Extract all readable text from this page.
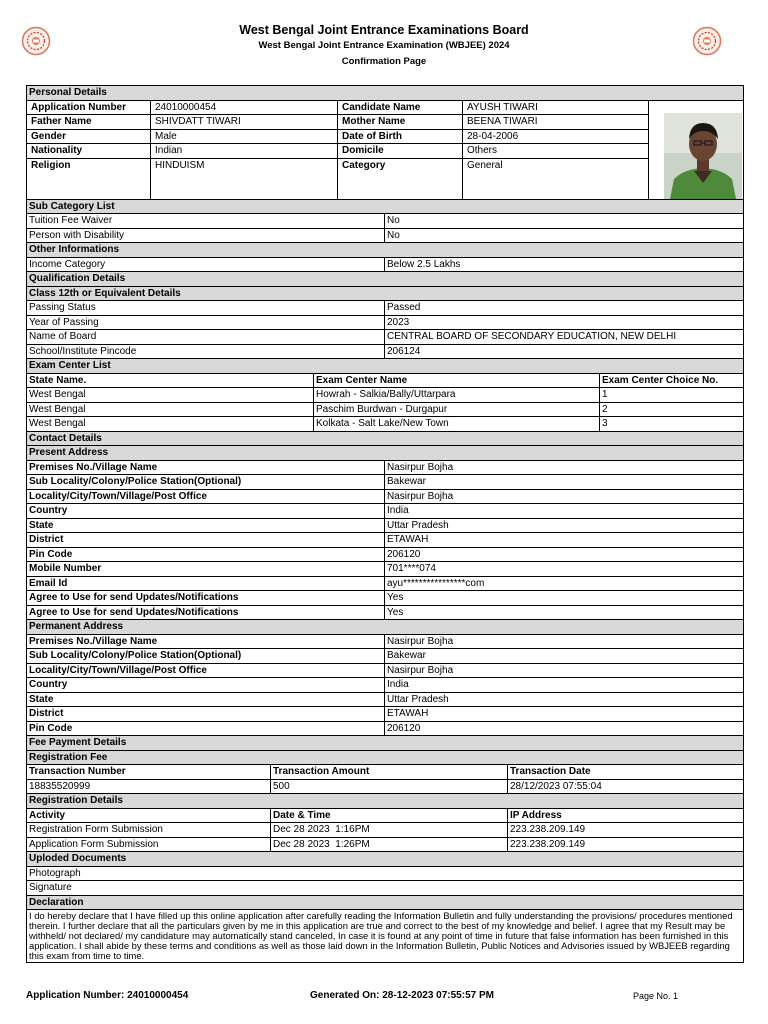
West Bengal Joint Entrance Examinations Board
West Bengal Joint Entrance Examination (WBJEE) 2024
Confirmation Page
Personal Details
Application Number	24010000454	Candidate Name	AYUSH TIWARI
Father Name	SHIVDATT TIWARI	Mother Name	BEENA TIWARI
Gender	Male	Date of Birth	28-04-2006
Nationality	Indian	Domicile	Others
Religion	HINDUISM	Category	General
Sub Category List
Tuition Fee Waiver	No
Person with Disability	No
Other Informations
Income Category	Below 2.5 Lakhs
Qualification Details
Class 12th or Equivalent Details
Passing Status	Passed
Year of Passing	2023
Name of Board	CENTRAL BOARD OF SECONDARY EDUCATION, NEW DELHI
School/Institute Pincode	206124
Exam Center List
State Name.	Exam Center Name	Exam Center Choice No.
West Bengal	Howrah - Salkia/Bally/Uttarpara	1
West Bengal	Paschim Burdwan - Durgapur	2
West Bengal	Kolkata - Salt Lake/New Town	3
Contact Details
Present Address
Premises No./Village Name	Nasirpur Bojha
Sub Locality/Colony/Police Station(Optional)	Bakewar
Locality/City/Town/Village/Post Office	Nasirpur Bojha
Country	India
State	Uttar Pradesh
District	ETAWAH
Pin Code	206120
Mobile Number	701****074
Email Id	ayu****************com
Agree to Use for send Updates/Notifications	Yes
Agree to Use for send Updates/Notifications	Yes
Permanent Address
Premises No./Village Name	Nasirpur Bojha
Sub Locality/Colony/Police Station(Optional)	Bakewar
Locality/City/Town/Village/Post Office	Nasirpur Bojha
Country	India
State	Uttar Pradesh
District	ETAWAH
Pin Code	206120
Fee Payment Details
Registration Fee
Transaction Number	Transaction Amount	Transaction Date
18835520999	500	28/12/2023 07:55:04
Registration Details
Activity	Date & Time	IP Address
Registration Form Submission	Dec 28 2023  1:16PM	223.238.209.149
Application Form Submission	Dec 28 2023  1:26PM	223.238.209.149
Uploded Documents
Photograph
Signature
Declaration
I do hereby declare that I have filled up this online application after carefully reading the Information Bulletin and fully understanding the provisions/ procedures mentioned therein. I further declare that all the particulars given by me in this application are true and correct to the best of my knowledge and belief. I agree that my Result may be withheld/ not declared/ my candidature may automatically stand canceled, In case it is found at any point of time in future that false information has been furnished in this application. I shall abide by these terms and conditions as well as those laid down in the Information Bulletin, Public Notices and Advisories issued by WBJEEB regarding this exam from time to time.
Application Number: 24010000454	Generated On: 28-12-2023 07:55:57 PM	Page No. 1
